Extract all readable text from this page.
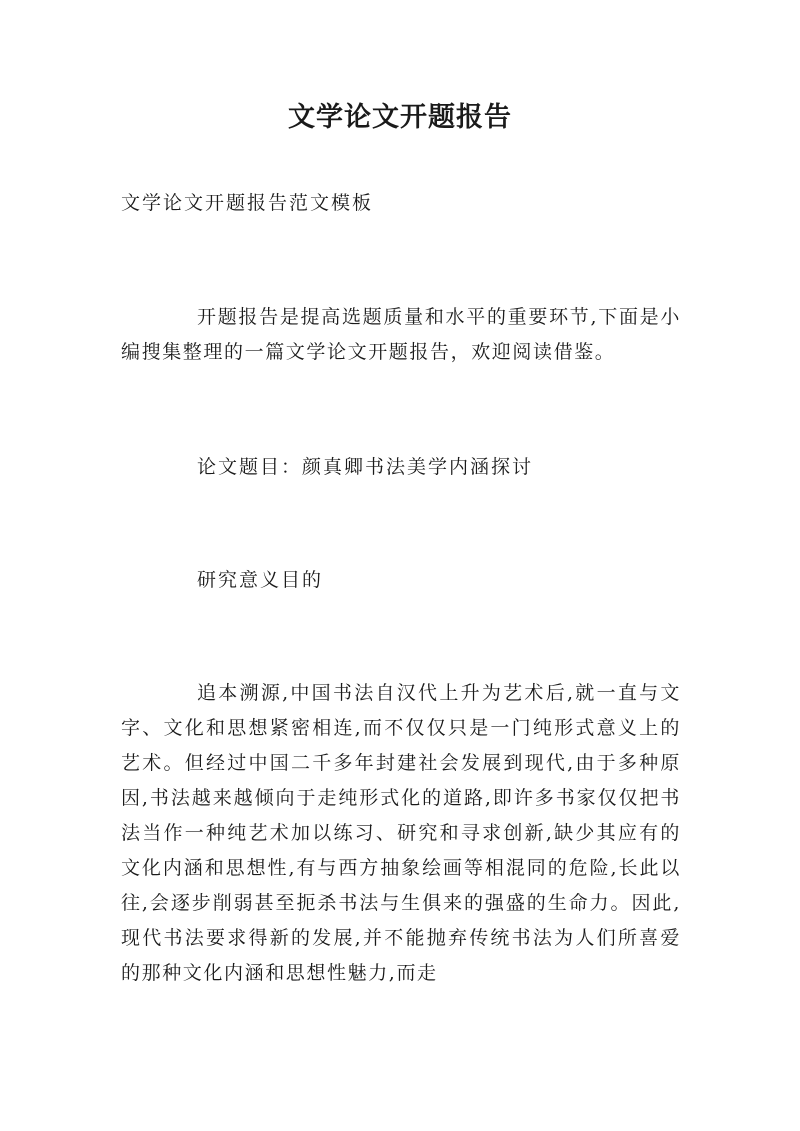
文学论文开题报告
文学论文开题报告范文模板
开题报告是提高选题质量和水平的重要环节,下面是小编搜集整理的一篇文学论文开题报告，欢迎阅读借鉴。
论文题目：颜真卿书法美学内涵探讨
研究意义目的
追本溯源,中国书法自汉代上升为艺术后,就一直与文字、文化和思想紧密相连,而不仅仅只是一门纯形式意义上的艺术。但经过中国二千多年封建社会发展到现代,由于多种原因,书法越来越倾向于走纯形式化的道路,即许多书家仅仅把书法当作一种纯艺术加以练习、研究和寻求创新,缺少其应有的文化内涵和思想性,有与西方抽象绘画等相混同的危险,长此以往,会逐步削弱甚至扼杀书法与生俱来的强盛的生命力。因此,现代书法要求得新的发展,并不能抛弃传统书法为人们所喜爱的那种文化内涵和思想性魅力,而走
